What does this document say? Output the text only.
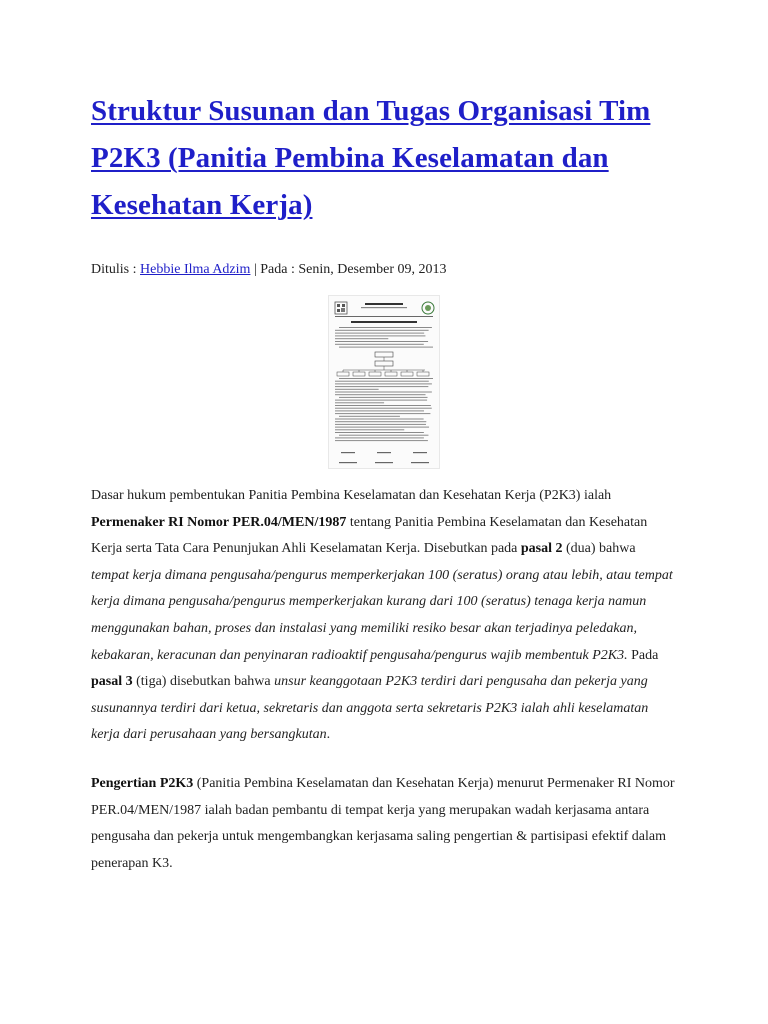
Struktur Susunan dan Tugas Organisasi Tim P2K3 (Panitia Pembina Keselamatan dan Kesehatan Kerja)
Ditulis : Hebbie Ilma Adzim | Pada : Senin, Desember 09, 2013
Dasar hukum pembentukan Panitia Pembina Keselamatan dan Kesehatan Kerja (P2K3) ialah Permenaker RI Nomor PER.04/MEN/1987 tentang Panitia Pembina Keselamatan dan Kesehatan Kerja serta Tata Cara Penunjukan Ahli Keselamatan Kerja. Disebutkan pada pasal 2 (dua) bahwa tempat kerja dimana pengusaha/pengurus memperkerjakan 100 (seratus) orang atau lebih, atau tempat kerja dimana pengusaha/pengurus memperkerjakan kurang dari 100 (seratus) tenaga kerja namun menggunakan bahan, proses dan instalasi yang memiliki resiko besar akan terjadinya peledakan, kebakaran, keracunan dan penyinaran radioaktif pengusaha/pengurus wajib membentuk P2K3. Pada pasal 3 (tiga) disebutkan bahwa unsur keanggotaan P2K3 terdiri dari pengusaha dan pekerja yang susunannya terdiri dari ketua, sekretaris dan anggota serta sekretaris P2K3 ialah ahli keselamatan kerja dari perusahaan yang bersangkutan.
Pengertian P2K3 (Panitia Pembina Keselamatan dan Kesehatan Kerja) menurut Permenaker RI Nomor PER.04/MEN/1987 ialah badan pembantu di tempat kerja yang merupakan wadah kerjasama antara pengusaha dan pekerja untuk mengembangkan kerjasama saling pengertian & partisipasi efektif dalam penerapan K3.
